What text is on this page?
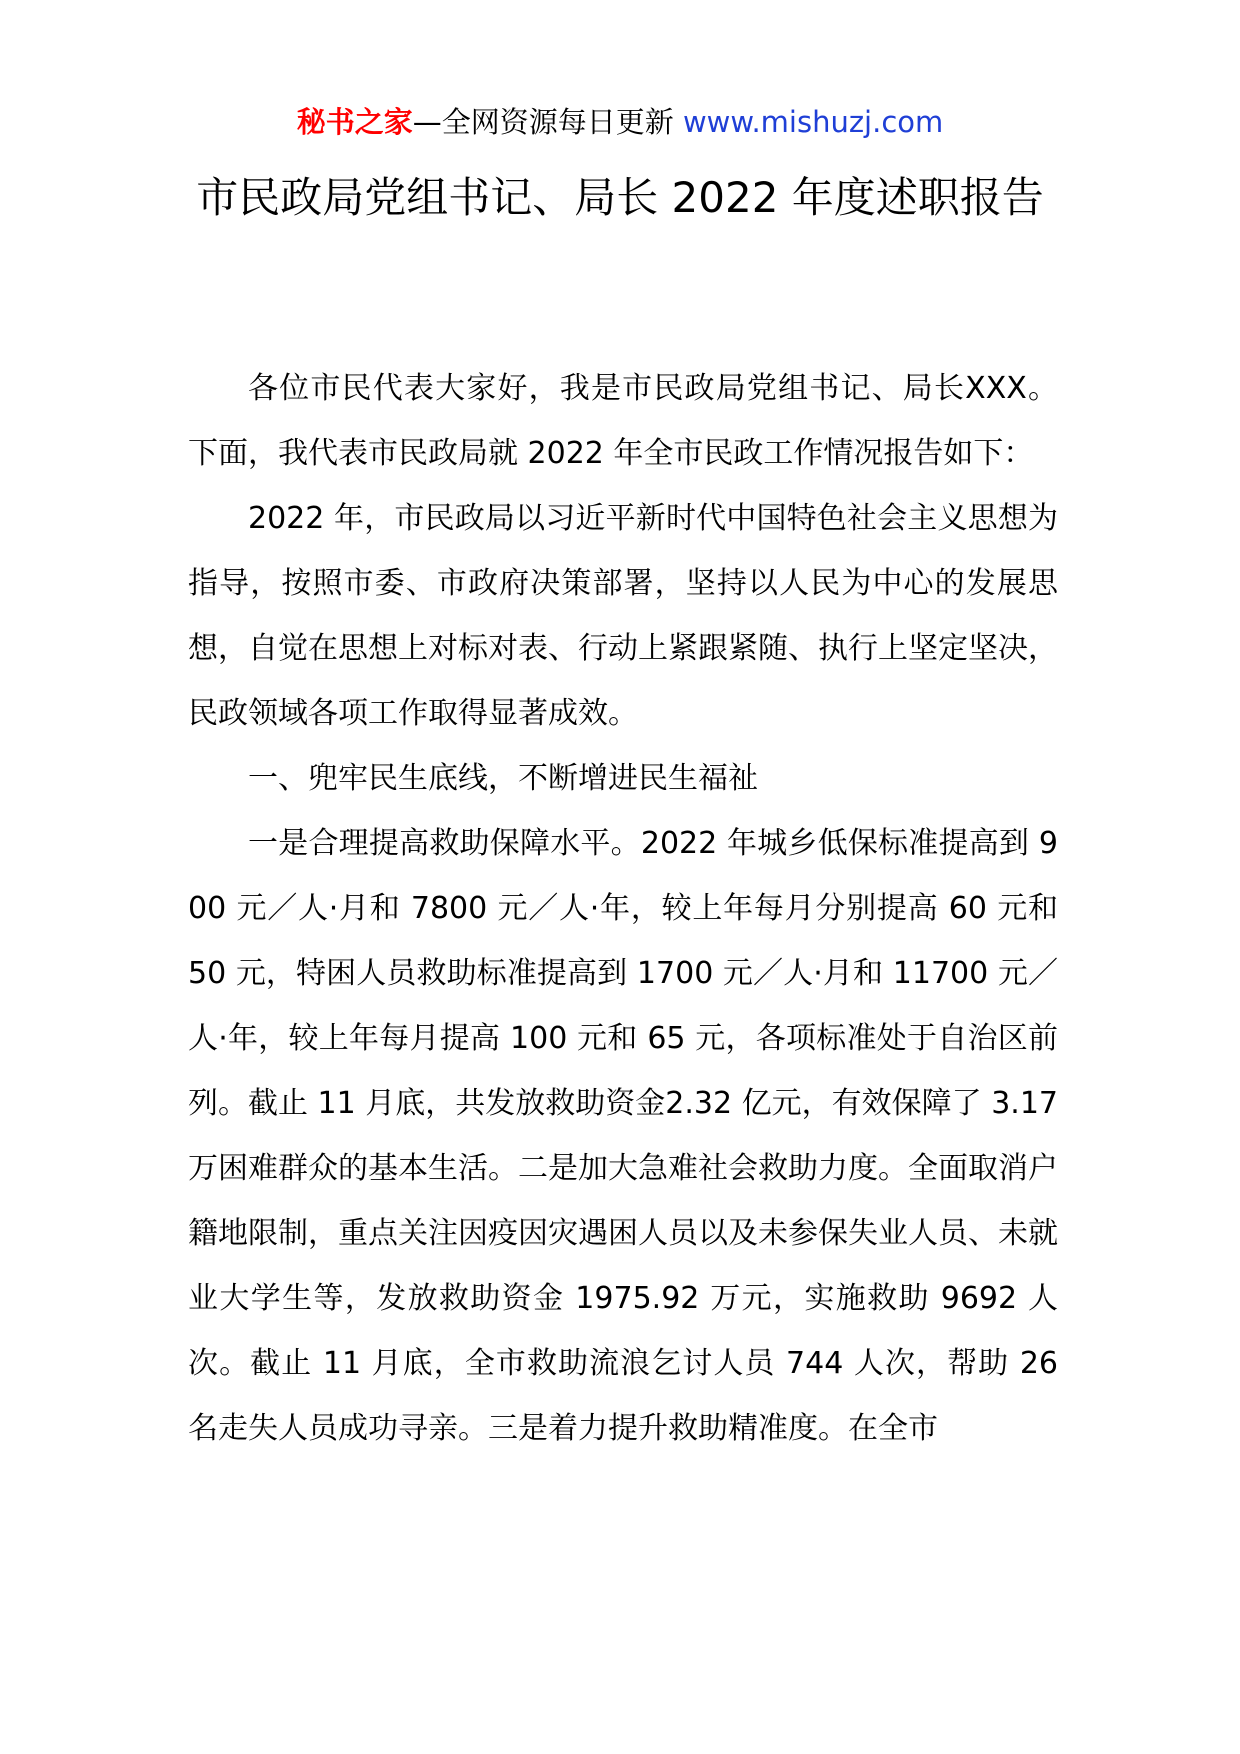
秘书之家—全网资源每日更新 www.mishuzj.com
市民政局党组书记、局长 2022 年度述职报告

各位市民代表大家好，我是市民政局党组书记、局长XXX。下面，我代表市民政局就 2022 年全市民政工作情况报告如下：

2022 年，市民政局以习近平新时代中国特色社会主义思想为指导，按照市委、市政府决策部署，坚持以人民为中心的发展思想，自觉在思想上对标对表、行动上紧跟紧随、执行上坚定坚决，民政领域各项工作取得显著成效。

一、兜牢民生底线，不断增进民生福祉

一是合理提高救助保障水平。2022 年城乡低保标准提高到 900 元／人·月和 7800 元／人·年，较上年每月分别提高 60 元和 50 元，特困人员救助标准提高到 1700 元／人·月和 11700 元／人·年，较上年每月提高 100 元和 65 元，各项标准处于自治区前列。截止 11 月底，共发放救助资金2.32 亿元，有效保障了 3.17 万困难群众的基本生活。二是加大急难社会救助力度。全面取消户籍地限制，重点关注因疫因灾遇困人员以及未参保失业人员、未就业大学生等，发放救助资金 1975.92 万元，实施救助 9692 人次。截止 11 月底，全市救助流浪乞讨人员 744 人次，帮助 26 名走失人员成功寻亲。三是着力提升救助精准度。在全市
